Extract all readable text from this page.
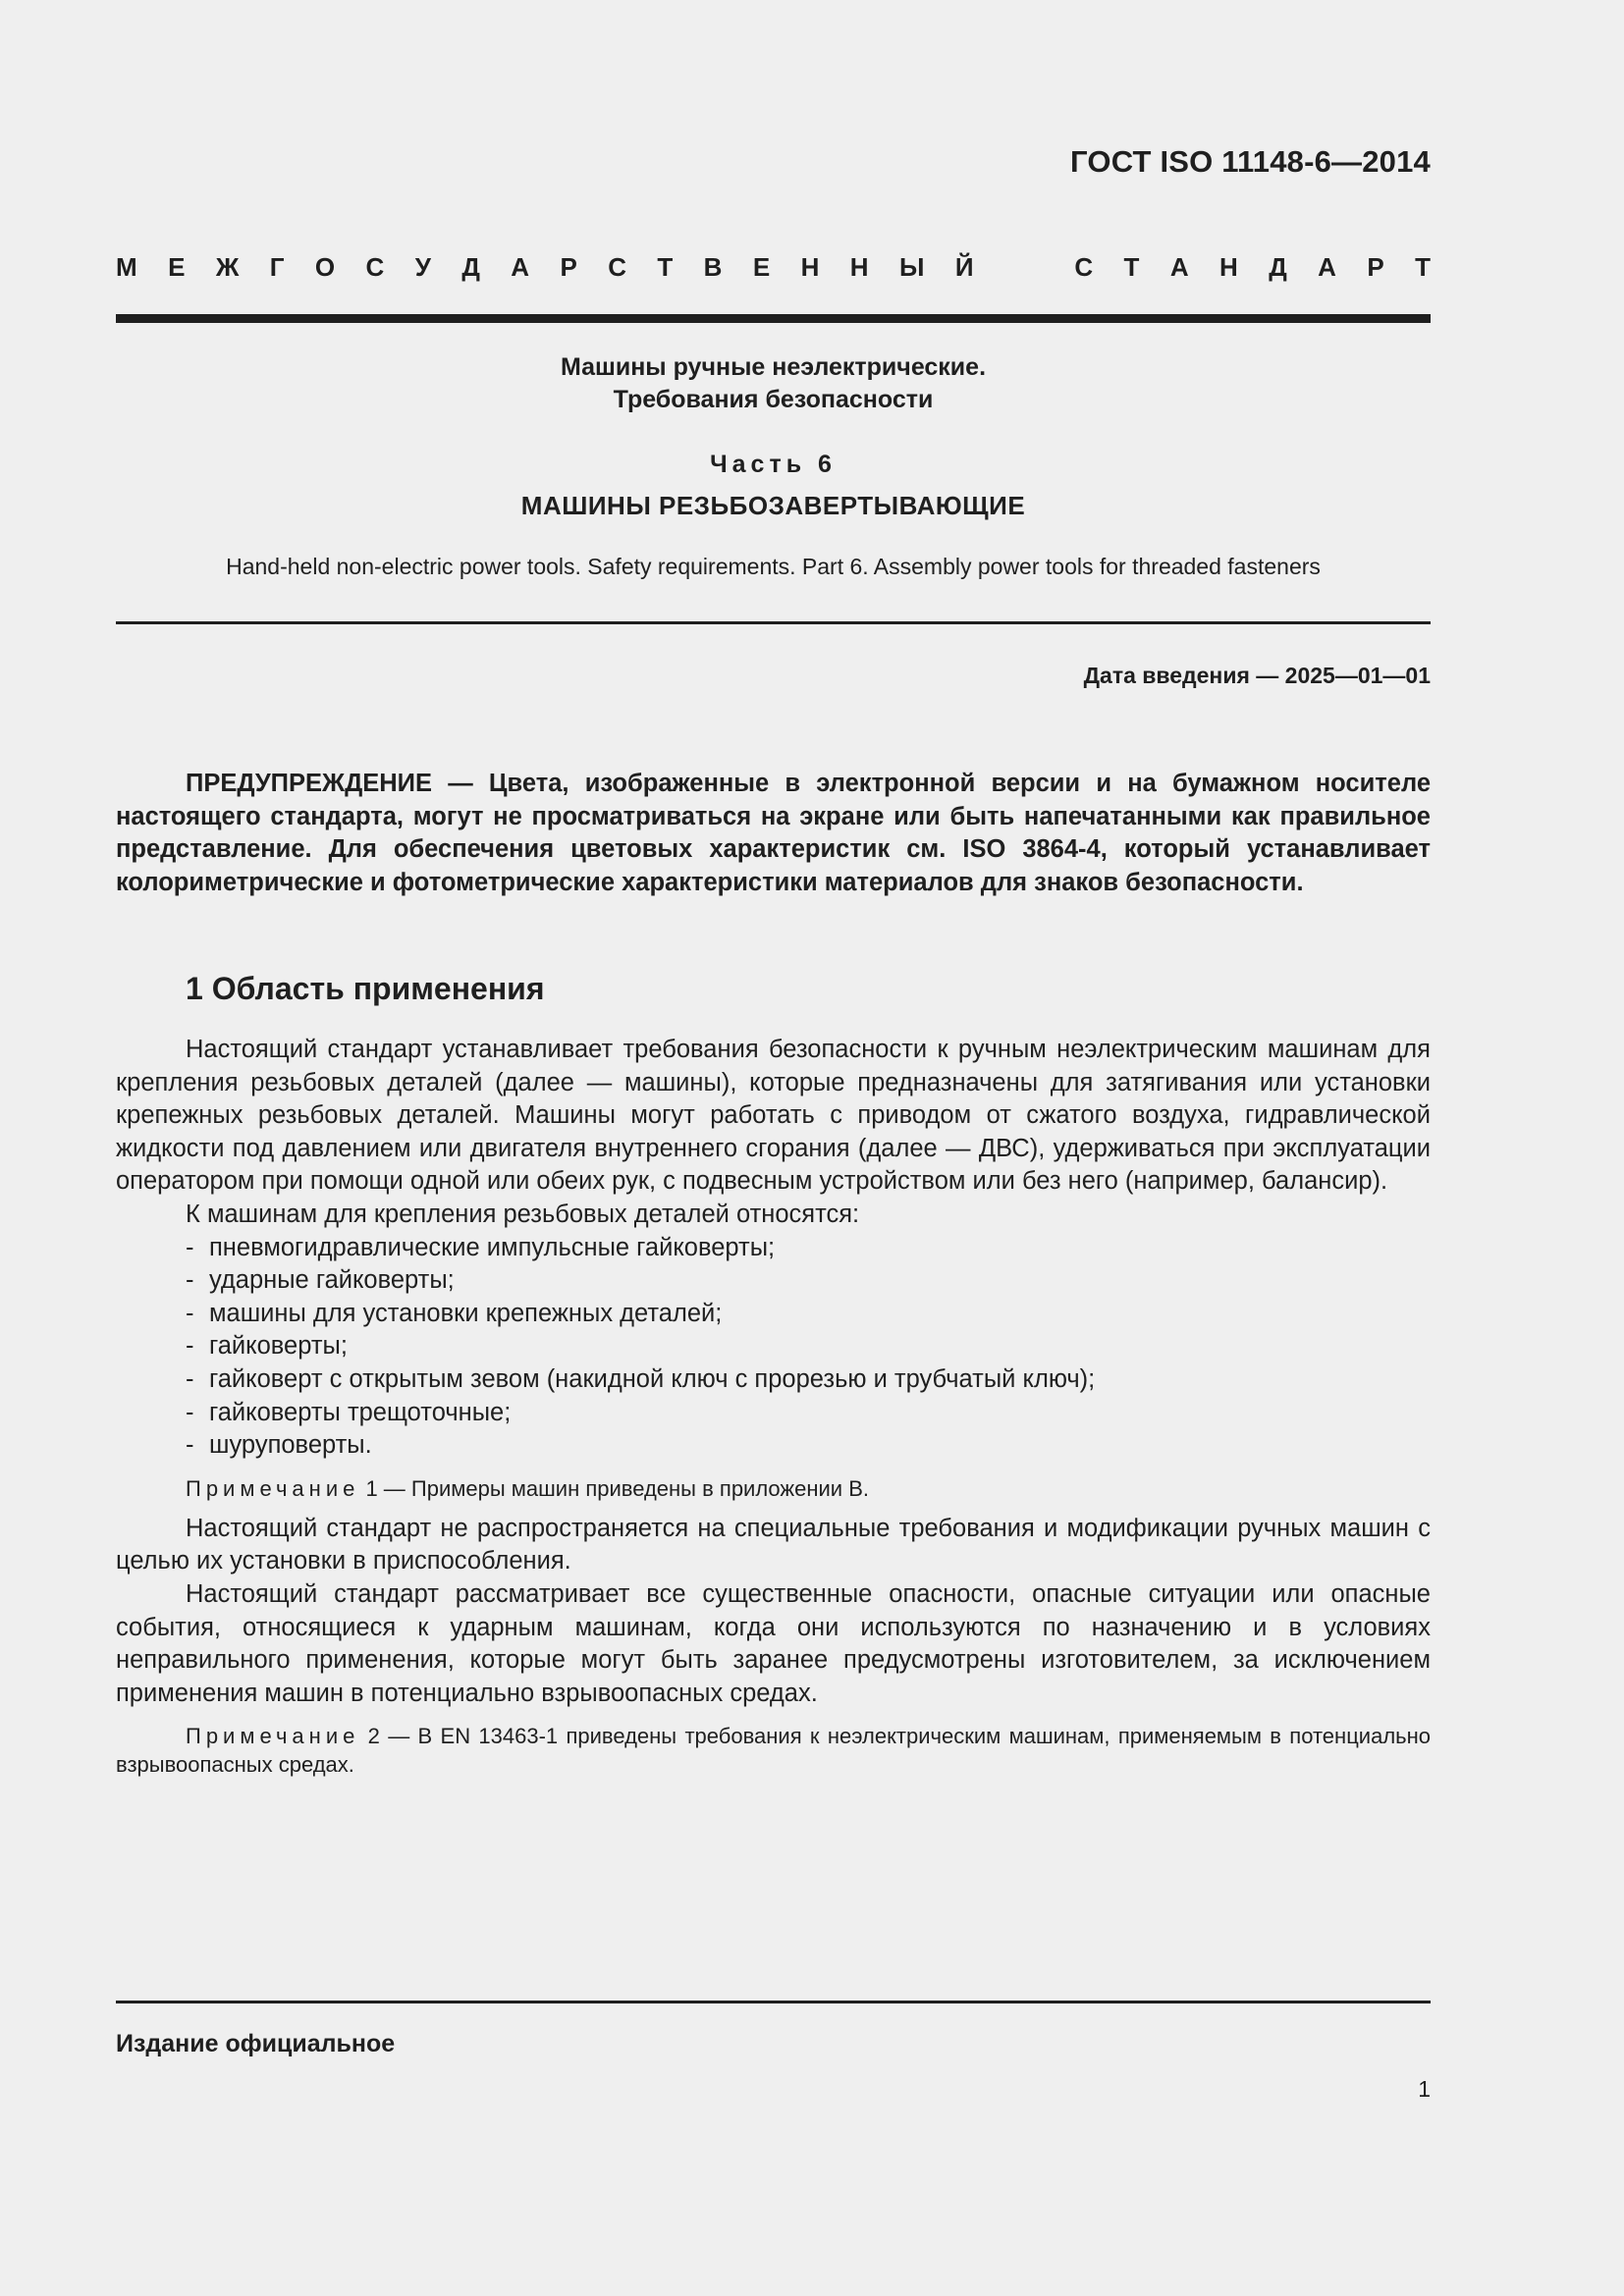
ГОСТ ISO 11148-6—2014
М Е Ж Г О С У Д А Р С Т В Е Н Н Ы Й	С Т А Н Д А Р Т
Машины ручные неэлектрические.
Требования безопасности
Часть 6
МАШИНЫ РЕЗЬБОЗАВЕРТЫВАЮЩИЕ
Hand-held non-electric power tools. Safety requirements. Part 6. Assembly power tools for threaded fasteners
Дата введения — 2025—01—01
ПРЕДУПРЕЖДЕНИЕ — Цвета, изображенные в электронной версии и на бумажном носителе настоящего стандарта, могут не просматриваться на экране или быть напечатанными как правильное представление. Для обеспечения цветовых характеристик см. ISO 3864-4, который устанавливает колориметрические и фотометрические характеристики материалов для знаков безопасности.
1 Область применения

Настоящий стандарт устанавливает требования безопасности к ручным неэлектрическим машинам для крепления резьбовых деталей (далее — машины), которые предназначены для затягивания или установки крепежных резьбовых деталей. Машины могут работать с приводом от сжатого воздуха, гидравлической жидкости под давлением или двигателя внутреннего сгорания (далее — ДВС), удерживаться при эксплуатации оператором при помощи одной или обеих рук, с подвесным устройством или без него (например, балансир).

К машинам для крепления резьбовых деталей относятся:

- пневмогидравлические импульсные гайковерты;
- ударные гайковерты;
- машины для установки крепежных деталей;
- гайковерты;
- гайковерт с открытым зевом (накидной ключ с прорезью и трубчатый ключ);
- гайковерты трещоточные;
- шуруповерты.
Примечание 1 — Примеры машин приведены в приложении В.

Настоящий стандарт не распространяется на специальные требования и модификации ручных машин с целью их установки в приспособления.

Настоящий стандарт рассматривает все существенные опасности, опасные ситуации или опасные события, относящиеся к ударным машинам, когда они используются по назначению и в условиях неправильного применения, которые могут быть заранее предусмотрены изготовителем, за исключением применения машин в потенциально взрывоопасных средах.

Примечание 2 — В EN 13463-1 приведены требования к неэлектрическим машинам, применяемым в потенциально взрывоопасных средах.
Издание официальное
1
